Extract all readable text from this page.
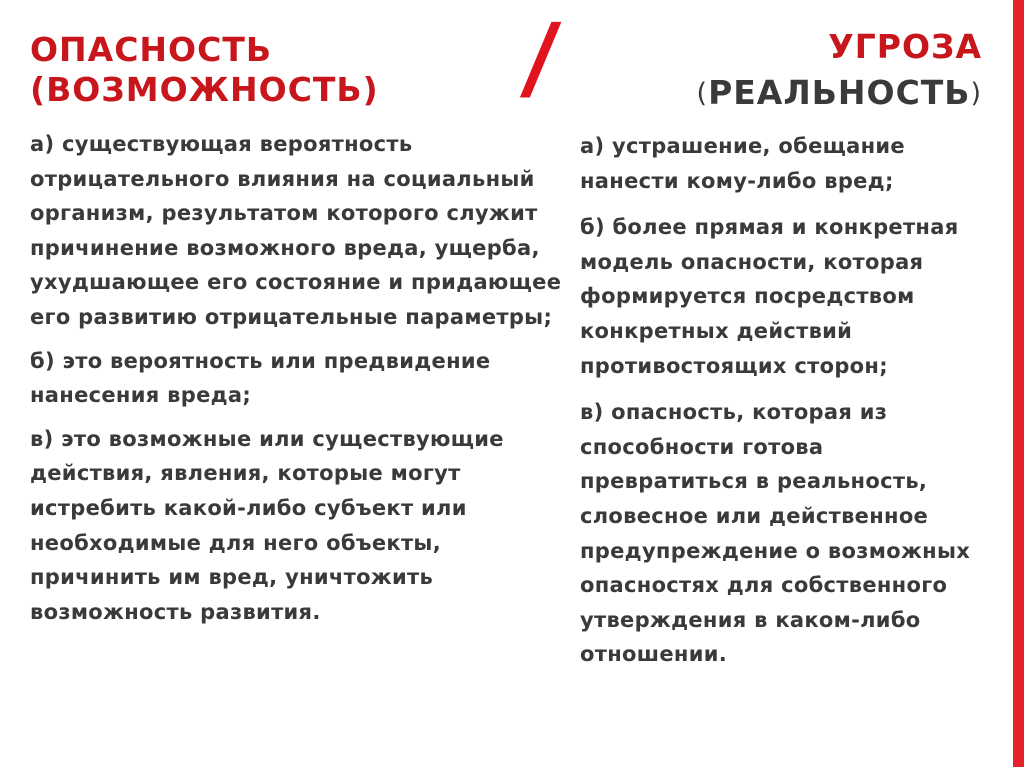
ОПАСНОСТЬ
(ВОЗМОЖНОСТЬ) /	УГРОЗА
(РЕАЛЬНОСТЬ)

а) существующая вероятность отрицательного влияния на социальный организм, результатом которого служит причинение возможного вреда, ущерба, ухудшающее его состояние и придающее его развитию отрицательные параметры;

б) это вероятность или предвидение нанесения вреда;

в) это возможные или существующие действия, явления, которые могут истребить какой-либо субъект или необходимые для него объекты, причинить им вред, уничтожить возможность развития.

а) устрашение, обещание нанести кому-либо вред;

б) более прямая и конкретная модель опасности, которая формируется посредством конкретных действий противостоящих сторон;

в) опасность, которая из способности готова превратиться в реальность, словесное или действенное предупреждение о возможных опасностях для собственного утверждения в каком-либо отношении.
